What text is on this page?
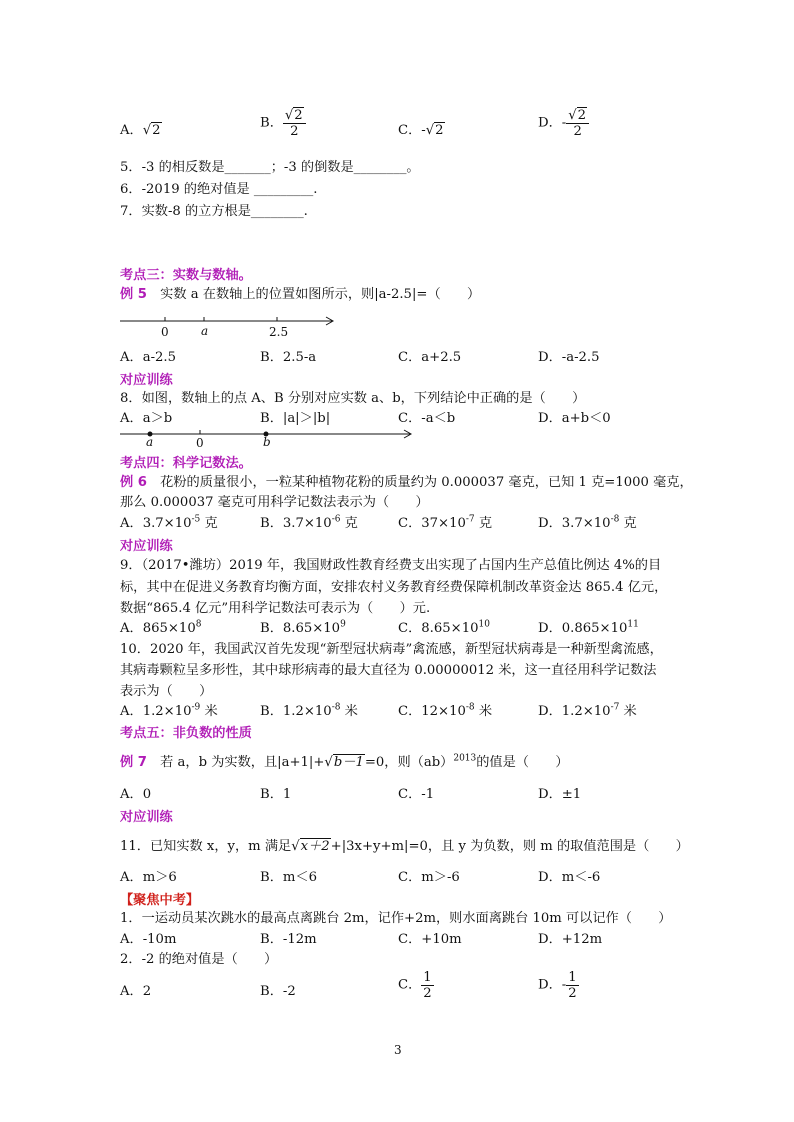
A．√2	B． $\frac{√2}{2}$	C．-√2	D．- $\frac{√2}{2}$
5．-3 的相反数是_______；-3 的倒数是________。
6．-2019 的绝对值是 _________.
7．实数-8 的立方根是________.
考点三：实数与数轴。
例 5　 实数 a 在数轴上的位置如图所示，则|a-2.5|=（　　）
0	a	2.5
A．a-2.5	B．2.5-a	C．a+2.5	D．-a-2.5
对应训练
8．如图，数轴上的点 A、B 分别对应实数 a、b，下列结论中正确的是（　　）
A．a＞b	B．|a|＞|b|	C．-a＜b	D．a+b＜0
a	0	b
考点四：科学记数法。
例 6　 花粉的质量很小，一粒某种植物花粉的质量约为 0.000037 毫克，已知 1 克=1000 毫克，
那么 0.000037 毫克可用科学记数法表示为（　　）
A．$3.7\times 10^{-5}$ 克	B．$3.7\times 10^{-6}$ 克	C．$37\times 10^{-7}$ 克	D．$3.7\times 10^{-8}$ 克
对应训练
9．（2017•潍坊）2019 年，我国财政性教育经费支出实现了占国内生产总值比例达 4%的目
标，其中在促进义务教育均衡方面，安排农村义务教育经费保障机制改革资金达 865.4 亿元，
数据“865.4 亿元”用科学记数法可表示为（　　）元.
A．$865\times 10^8$	B．$8.65\times 10^9$	C．$8.65\times 10^{10}$	D．$0.865\times 10^{11}$
10．2020 年，我国武汉首先发现“新型冠状病毒”禽流感，新型冠状病毒是一种新型禽流感，
其病毒颗粒呈多形性，其中球形病毒的最大直径为 0.00000012 米，这一直径用科学记数法
表示为（　　）
A．$1.2\times 10^{-9}$ 米	B．$1.2\times 10^{-8}$ 米	C．$12\times 10^{-8}$ 米	D．$1.2\times 10^{-7}$ 米
考点五：非负数的性质
例 7　 若 a，b 为实数，且|a+1|+√b－1=0，则（ab）$^{2013}$的值是（　　）
A．0	B．1	C．-1	D．±1
对应训练
11．已知实数 x，y，m 满足√x＋2+|3x+y+m|=0，且 y 为负数，则 m 的取值范围是（　　）
A．m＞6	B．m＜6	C．m＞-6	D．m＜-6
【聚焦中考】
1．一运动员某次跳水的最高点离跳台 2m，记作+2m，则水面离跳台 10m 可以记作（　　）
A．-10m	B．-12m	C．+10m	D．+12m
2．-2 的绝对值是（　　）
A．2	B．-2	C． $\frac{1}{2}$	D．- $\frac{1}{2}$
3
